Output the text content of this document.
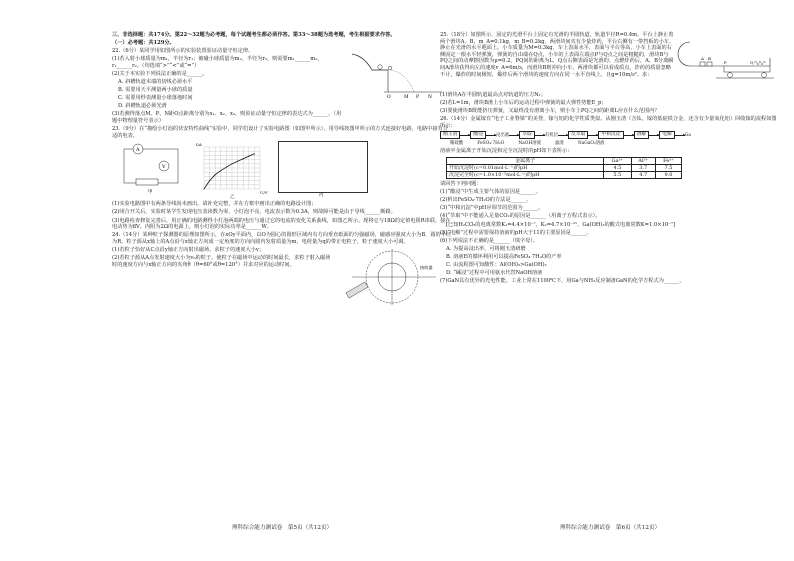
三、非选择题：共174分。第22～32题为必考题，每个试题考生都必须作答。第33～38题为选考题，考生根据要求作答。

（一）必考题：共129分。

22.（6分）某同学用如图所示的实验装置验证动量守恒定律。

(1)若入射小球质量为m₁，半径为r₁；被碰小球质量为m₂，半径为r₂，则需要m₁______m₂，r₁______r₂。（均选填“>”“<”或“=”）

(2)关于本实验下列说法正确的是______。

A. 斜槽轨道末端的切线必须水平

B. 需要用天平测量两小球的质量

C. 需要用秒表测量小球落地时间

D. 斜槽轨道必须光滑

(3)若测得落点M、P、N距O点距离分别为x₁、x₂、x₃，则验证动量守恒定律的表达式为______。（用题中物理量符号表示）

O	M P N

23.（9分）在“描绘小灯泡的伏安特性曲线”实验中，同学们设计了实验电路图（如图甲所示），用导线按图甲所示的方式连接好电路，电路中接有合适的电表。

A
V
甲	U/V
I/A
乙
丙

(1)实验电路图中有两条导线尚未画出，请补充完整，并在方框中画出正确的电路设计图；

(2)闭合开关后，实验时某学生发现电压表读数为零，小灯泡不亮，电流表示数为0.3A，则故障可能是由于导线______断路。

(3)电路检查修复完善后，用正确的电路测得小灯泡两端的电压与通过它的电流的变化关系曲线，如图乙所示。现将它与18Ω的定值电阻R串联，接在电动势为8V、内阻为2Ω的电源上，则小灯泡的实际功率是______W。

24.（14分）某种粒子探测器的原理如图所示，在xOy平面内，以O为圆心的圆形区域内有方向垂直纸面的匀强磁场，磁感应强度大小为B，圆的半径为R。粒子源从x轴上的A点沿与x轴正方向成一定角度的方向向圆内发射质量为m、电荷量为q的带正电粒子，粒子速度大小可调。

(1)若粒子恰好从C点沿y轴正方向射出磁场，求粒子的速度大小v；

(2)若粒子源从A点发射速度大小为v₀的粒子，使粒子在磁场中运动的时间最长，求粒子射入磁场时的速度方向与x轴正方向的夹角θ（θ=60°或θ=120°）并求对应的运动时间。	接收器
理科综合能力测试卷　第5页（共12页）

25.（18分）如图所示，固定的光滑平台上固定有光滑的半圆轨道，轨道半径R=0.4m，平台上静止着两个滑块A、B，m_A=0.1kg，m_B=0.2kg，两滑块间夹有少量炸药，平台右侧有一带挡板的小车，静止在光滑的水平地面上。小车质量为M=0.3kg，车上表面水平，表面与平台等高，小车上表面的右侧固定一根水平轻弹簧，弹簧的自由端在Q点，小车的上表面左端点P与Q点之间是粗糙的，滑块B与PQ之间的动摩擦因数为μ=0.2，PQ间的距离为L，Q点右侧表面是光滑的。点燃炸药后，A、B分离瞬间A滑块获得向左的速度v_A=6m/s，而滑块B则冲向小车。两滑块都可以看成质点，炸药的质量忽略不计，爆炸的时间极短，爆炸后两个滑块的速度方向在同一水平直线上，且g=10m/s²。求：

A B
P	Q

(1)滑块A在半圆轨道最高点对轨道的压力N₁；

(2)若L=1m，滑块B滑上小车后的运动过程中弹簧的最大弹性势能E_p；

(3)要使滑块B既能挤压弹簧，又最终没有滑离小车，则小车上PQ之间的距离L应在什么范围内？

26.（14分）金属镓有“电子工业脊梁”的美誉，镓与铝的化学性质类似。从刚玉渣（含钛、镓的低硅铁合金，还含有少量氧化铝）回收镓的流程如图所示：

刚玉渣	酸浸	浸出液	萃取	有机层	反萃取	中和沉淀	溶解	电解	Ga
稀硫酸	FeSO₄·7H₂O	NaOH溶液	滤渣	NaGaO₂溶液

溶液中金属离子开始沉淀和完全沉淀时的pH如下表所示：

金属离子	Ga³⁺	Al³⁺	Fe³⁺
开始沉淀时(c=0.01mol·L⁻¹)的pH	4.5	3.7	7.5
沉淀完全时(c=1.0×10⁻⁵mol·L⁻¹)的pH	5.5	4.7	9.0

请回答下列问题：

(1)“酸浸”中生成主要气体的原因是______。

(2)析出FeSO₄·7H₂O的方法是______。

(3)“中和沉淀”中pH应调节的范围为______。

(4)“萃取”中不能通入足量CO₂的原因是______（用离子方程式表示）。

[已知H₂CO₃的电离常数K₁=4.4×10⁻⁷，K₂=4.7×10⁻¹¹，Ga(OH)₃的酸式电离常数K=1.0×10⁻⁷]

(5)“电解”过程中需要保持溶液的pH大于11的主要原因是______。

(6)下列说法不正确的是______（填字母）。

A. 为提高浸出率，可将刚玉渣研磨

B. 溶液E的循环利用可以提高FeSO₄·7H₂O的产率

C. 由流程图可知酸性：Al(OH)₃>Ga(OH)₃

D. “碱浸”过程中可用氨水代替NaOH溶液

(7)GaN具有优异的光电性能。工业上常在1100℃下，用Ga与NH₃反应制备GaN的化学方程式为______。

理科综合能力测试卷　第6页（共12页）
